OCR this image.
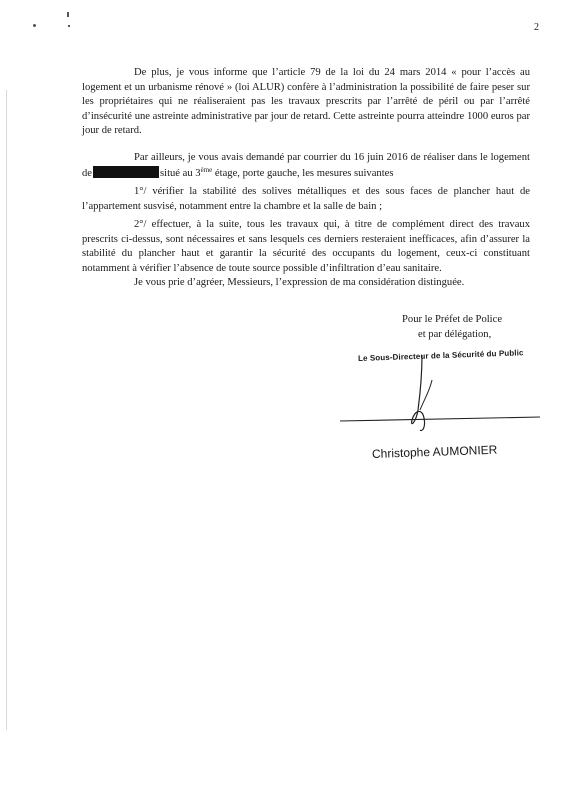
2

De plus, je vous informe que l’article 79 de la loi du 24 mars 2014 « pour l’accès au logement et un urbanisme rénové » (loi ALUR) confère à l’administration la possibilité de faire peser sur les propriétaires qui ne réaliseraient pas les travaux prescrits par l’arrêté de péril ou par l’arrêté d’insécurité une astreinte administrative par jour de retard. Cette astreinte pourra atteindre 1000 euros par jour de retard.

Par ailleurs, je vous avais demandé par courrier du 16 juin 2016 de réaliser dans le logement de	situé au 3ème étage, porte gauche, les mesures suivantes

1°/ vérifier la stabilité des solives métalliques et des sous faces de plancher haut de l’appartement susvisé, notamment entre la chambre et la salle de bain ;

2°/ effectuer, à la suite, tous les travaux qui, à titre de complément direct des travaux prescrits ci-dessus, sont nécessaires et sans lesquels ces derniers resteraient inefficaces, afin d’assurer la stabilité du plancher haut et garantir la sécurité des occupants du logement, ceux-ci constituant notamment à vérifier l’absence de toute source possible d’infiltration d’eau sanitaire.

Je vous prie d’agréer, Messieurs, l’expression de ma considération distinguée.

Pour le Préfet de Police
et par délégation,
Le Sous-Directeur de la Sécurité du Public
Christophe AUMONIER
